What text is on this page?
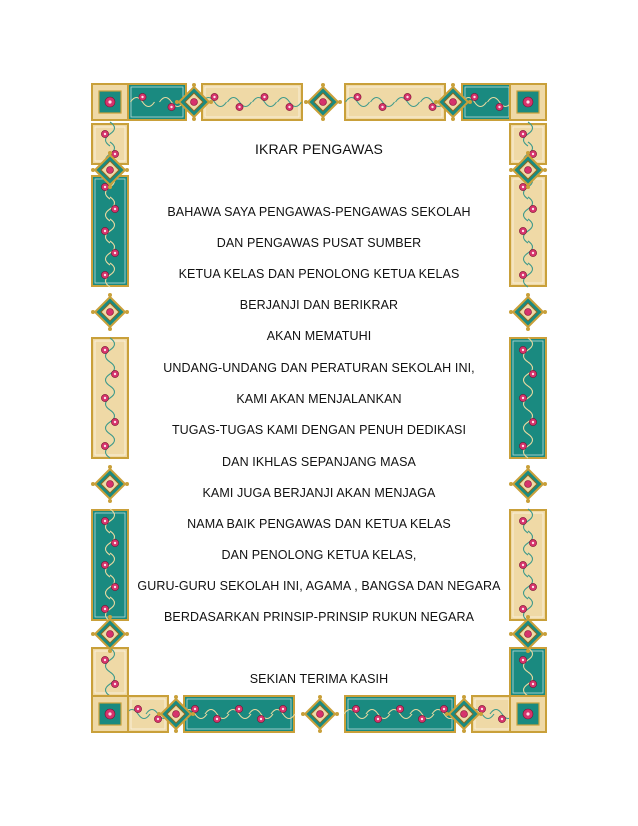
IKRAR PENGAWAS
BAHAWA SAYA PENGAWAS-PENGAWAS SEKOLAH
DAN PENGAWAS PUSAT SUMBER
KETUA KELAS DAN PENOLONG KETUA KELAS
BERJANJI DAN BERIKRAR
AKAN MEMATUHI
UNDANG-UNDANG DAN PERATURAN SEKOLAH INI,
KAMI AKAN MENJALANKAN
TUGAS-TUGAS KAMI DENGAN PENUH DEDIKASI
DAN IKHLAS SEPANJANG MASA
KAMI JUGA BERJANJI AKAN MENJAGA
NAMA BAIK PENGAWAS DAN KETUA KELAS
DAN PENOLONG KETUA KELAS,
GURU-GURU SEKOLAH INI, AGAMA , BANGSA DAN NEGARA
BERDASARKAN PRINSIP-PRINSIP RUKUN NEGARA
SEKIAN TERIMA KASIH
